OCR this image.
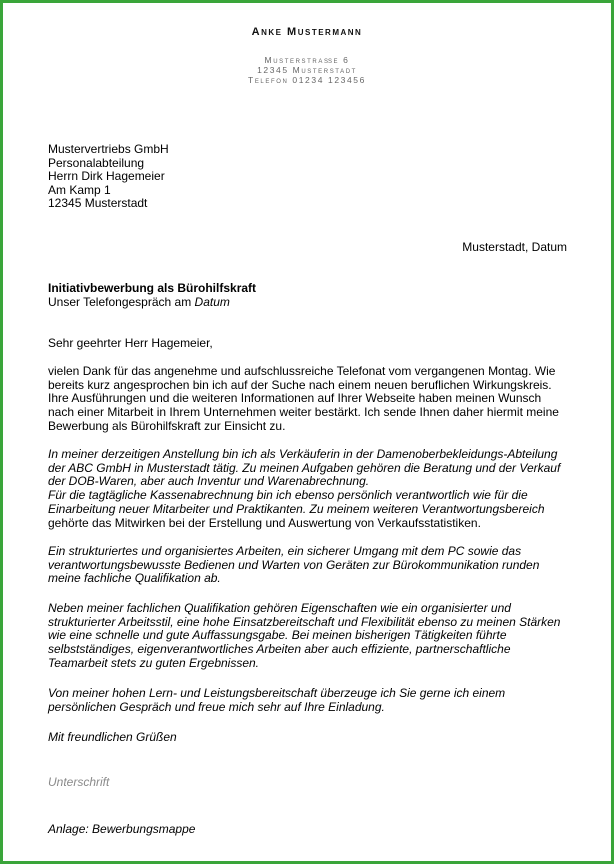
Anke Mustermann
Musterstraße 6
12345 Musterstadt
Telefon 01234 123456
Mustervertriebs GmbH
Personalabteilung
Herrn Dirk Hagemeier
Am Kamp 1
12345 Musterstadt
Musterstadt, Datum
Initiativbewerbung als Bürohilfskraft
Unser Telefongespräch am Datum
Sehr geehrter Herr Hagemeier,
vielen Dank für das angenehme und aufschlussreiche Telefonat vom vergangenen Montag. Wie
bereits kurz angesprochen bin ich auf der Suche nach einem neuen beruflichen Wirkungskreis.
Ihre Ausführungen und die weiteren Informationen auf Ihrer Webseite haben meinen Wunsch
nach einer Mitarbeit in Ihrem Unternehmen weiter bestärkt. Ich sende Ihnen daher hiermit meine
Bewerbung als Bürohilfskraft zur Einsicht zu.
In meiner derzeitigen Anstellung bin ich als Verkäuferin in der Damenoberbekleidungs-Abteilung
der ABC GmbH in Musterstadt tätig. Zu meinen Aufgaben gehören die Beratung und der Verkauf
der DOB-Waren, aber auch Inventur und Warenabrechnung.
Für die tagtägliche Kassenabrechnung bin ich ebenso persönlich verantwortlich wie für die
Einarbeitung neuer Mitarbeiter und Praktikanten. Zu meinem weiteren Verantwortungsbereich
gehörte das Mitwirken bei der Erstellung und Auswertung von Verkaufsstatistiken.
Ein strukturiertes und organisiertes Arbeiten, ein sicherer Umgang mit dem PC sowie das
verantwortungsbewusste Bedienen und Warten von Geräten zur Bürokommunikation runden
meine fachliche Qualifikation ab.
Neben meiner fachlichen Qualifikation gehören Eigenschaften wie ein organisierter und
strukturierter Arbeitsstil, eine hohe Einsatzbereitschaft und Flexibilität ebenso zu meinen Stärken
wie eine schnelle und gute Auffassungsgabe. Bei meinen bisherigen Tätigkeiten führte
selbstständiges, eigenverantwortliches Arbeiten aber auch effiziente, partnerschaftliche
Teamarbeit stets zu guten Ergebnissen.
Von meiner hohen Lern- und Leistungsbereitschaft überzeuge ich Sie gerne ich einem
persönlichen Gespräch und freue mich sehr auf Ihre Einladung.
Mit freundlichen Grüßen
Unterschrift
Anlage: Bewerbungsmappe
